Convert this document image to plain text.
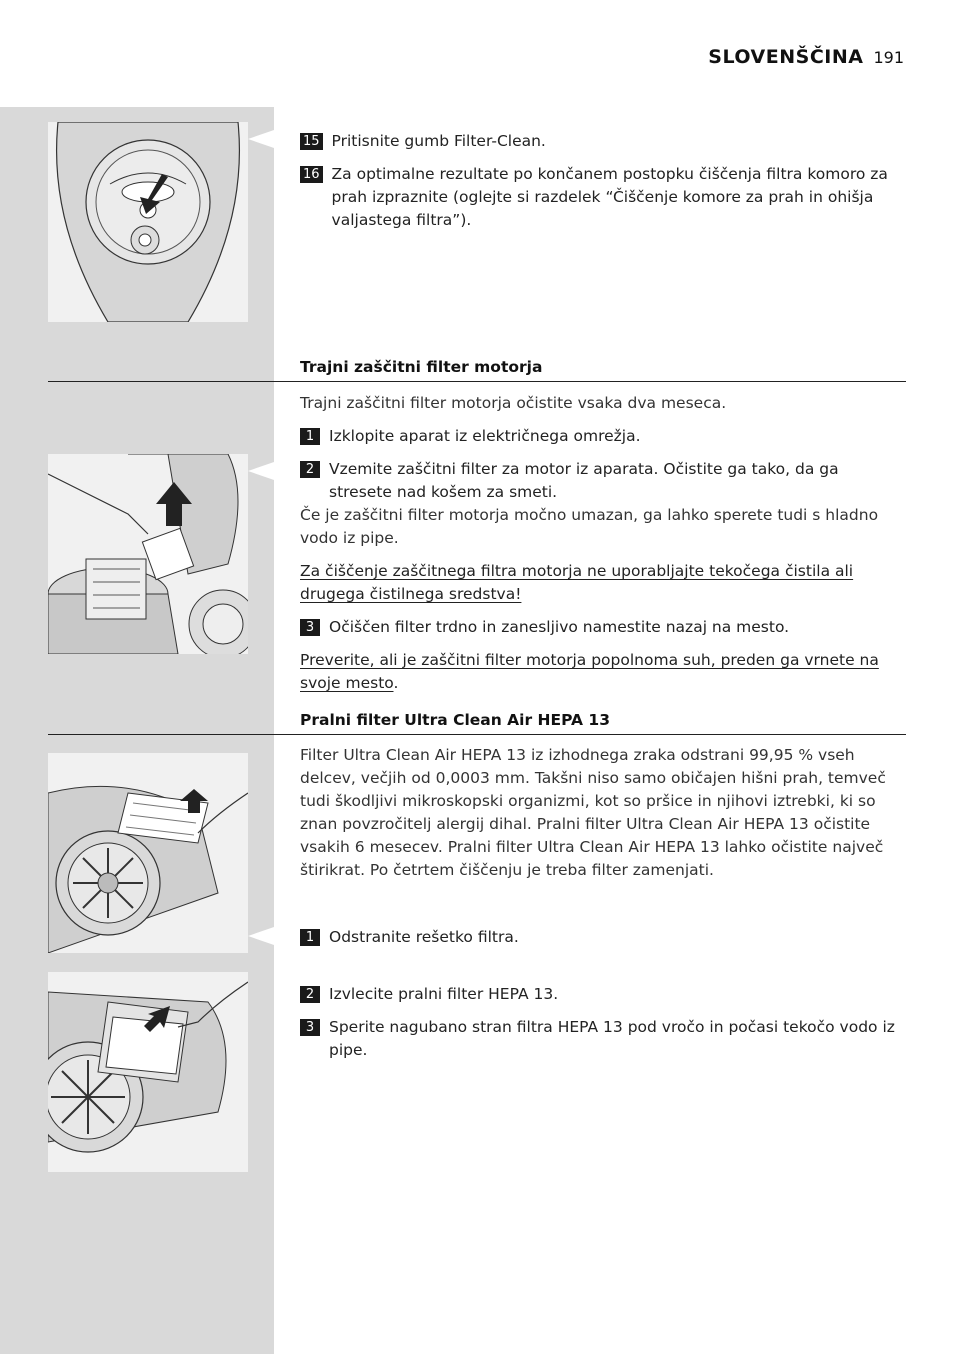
SLOVENŠČINA 191
15 Pritisnite gumb Filter-Clean.
16 Za optimalne rezultate po končanem postopku čiščenja filtra komoro za prah izpraznite (oglejte si razdelek “Čiščenje komore za prah in ohišja valjastega filtra”).
Trajni zaščitni filter motorja

Trajni zaščitni filter motorja očistite vsaka dva meseca.

1 Izklopite aparat iz električnega omrežja.
2 Vzemite zaščitni filter za motor iz aparata. Očistite ga tako, da ga stresete nad košem za smeti.

Če je zaščitni filter motorja močno umazan, ga lahko sperete tudi s hladno vodo iz pipe.

Za čiščenje zaščitnega filtra motorja ne uporabljajte tekočega čistila ali drugega čistilnega sredstva!

3 Očiščen filter trdno in zanesljivo namestite nazaj na mesto.

Preverite, ali je zaščitni filter motorja popolnoma suh, preden ga vrnete na svoje mesto.

Pralni filter Ultra Clean Air HEPA 13

Filter Ultra Clean Air HEPA 13 iz izhodnega zraka odstrani 99,95 % vseh delcev, večjih od 0,0003 mm. Takšni niso samo običajen hišni prah, temveč tudi škodljivi mikroskopski organizmi, kot so pršice in njihovi iztrebki, ki so znan povzročitelj alergij dihal. Pralni filter Ultra Clean Air HEPA 13 očistite vsakih 6 mesecev. Pralni filter Ultra Clean Air HEPA 13 lahko očistite največ štirikrat. Po četrtem čiščenju je treba filter zamenjati.

1 Odstranite rešetko filtra.
2 Izvlecite pralni filter HEPA 13.
3 Sperite nagubano stran filtra HEPA 13 pod vročo in počasi tekočo vodo iz pipe.
